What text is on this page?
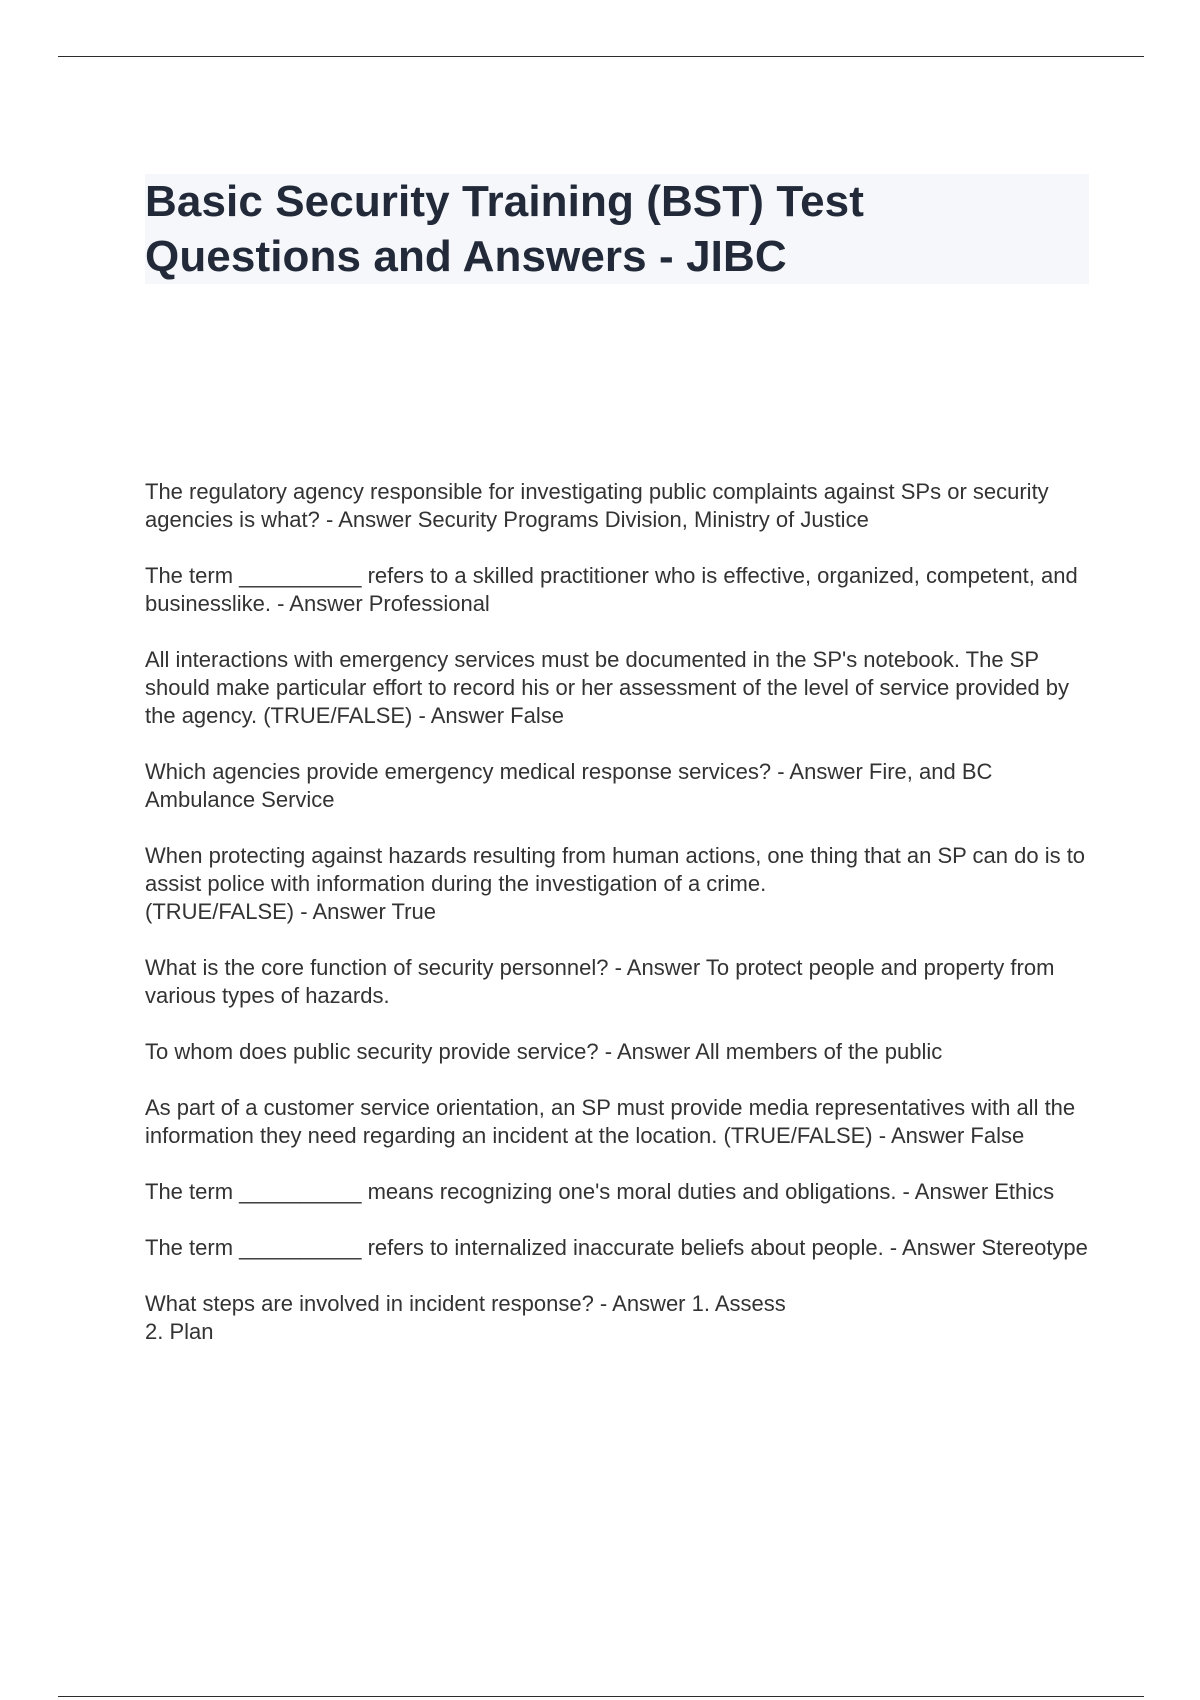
Basic Security Training (BST) Test Questions and Answers - JIBC

The regulatory agency responsible for investigating public complaints against SPs or security agencies is what? - Answer Security Programs Division, Ministry of Justice

The term __________ refers to a skilled practitioner who is effective, organized, competent, and businesslike. - Answer Professional

All interactions with emergency services must be documented in the SP's notebook. The SP should make particular effort to record his or her assessment of the level of service provided by the agency. (TRUE/FALSE) - Answer False

Which agencies provide emergency medical response services? - Answer Fire, and BC Ambulance Service

When protecting against hazards resulting from human actions, one thing that an SP can do is to assist police with information during the investigation of a crime.
(TRUE/FALSE) - Answer True

What is the core function of security personnel? - Answer To protect people and property from various types of hazards.

To whom does public security provide service? - Answer All members of the public

As part of a customer service orientation, an SP must provide media representatives with all the information they need regarding an incident at the location. (TRUE/FALSE) - Answer False

The term __________ means recognizing one's moral duties and obligations. - Answer Ethics

The term __________ refers to internalized inaccurate beliefs about people. - Answer Stereotype

What steps are involved in incident response? - Answer 1. Assess
2. Plan
